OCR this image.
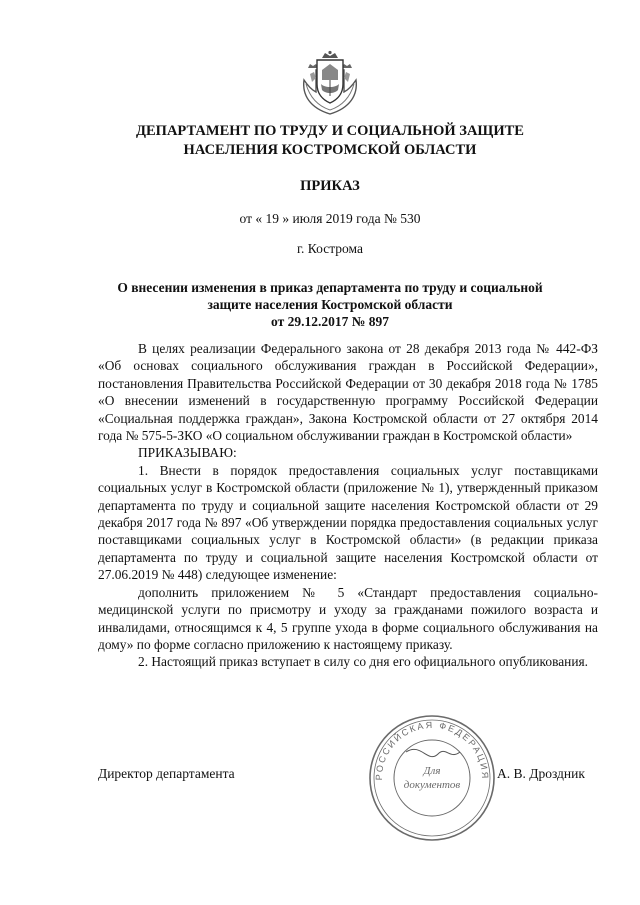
ДЕПАРТАМЕНТ ПО ТРУДУ И СОЦИАЛЬНОЙ ЗАЩИТЕ
НАСЕЛЕНИЯ КОСТРОМСКОЙ ОБЛАСТИ
ПРИКАЗ
от « 19 » июля 2019 года № 530
г. Кострома
О внесении изменения в приказ департамента по труду и социальной
защите населения Костромской области
от 29.12.2017 № 897

В целях реализации Федерального закона от 28 декабря 2013 года № 442-ФЗ «Об основах социального обслуживания граждан в Российской Федерации», постановления Правительства Российской Федерации от 30 декабря 2018 года № 1785 «О внесении изменений в государственную программу Российской Федерации «Социальная поддержка граждан», Закона Костромской области от 27 октября 2014 года № 575-5-ЗКО «О социальном обслуживании граждан в Костромской области»

ПРИКАЗЫВАЮ:

1. Внести в порядок предоставления социальных услуг поставщиками социальных услуг в Костромской области (приложение № 1), утвержденный приказом департамента по труду и социальной защите населения Костромской области от 29 декабря 2017 года № 897 «Об утверждении порядка предоставления социальных услуг поставщиками социальных услуг в Костромской области» (в редакции приказа департамента по труду и социальной защите населения Костромской области от 27.06.2019 № 448) следующее изменение:

дополнить приложением № 5 «Стандарт предоставления социально-медицинской услуги по присмотру и уходу за гражданами пожилого возраста и инвалидами, относящимся к 4, 5 группе ухода в форме социального обслуживания на дому» по форме согласно приложению к настоящему приказу.

2. Настоящий приказ вступает в силу со дня его официального опубликования.

Директор департамента	РОССИЙСКАЯ ФЕДЕРАЦИЯ
Для
документов
А. В. Дроздник
